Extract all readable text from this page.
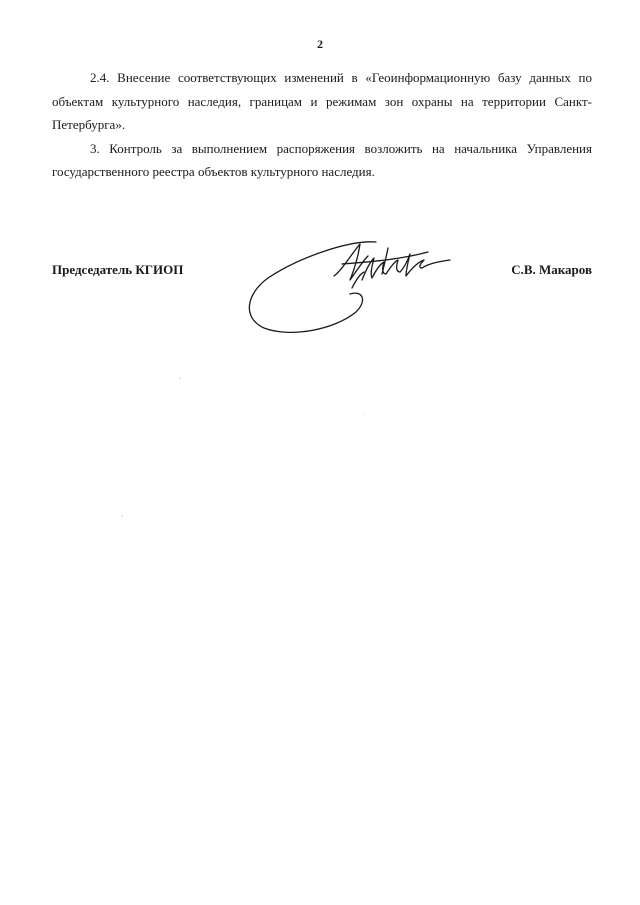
2

2.4. Внесение соответствующих изменений в «Геоинформационную базу данных по объектам культурного наследия, границам и режимам зон охраны на территории Санкт-Петербурга».

3. Контроль за выполнением распоряжения возложить на начальника Управления государственного реестра объектов культурного наследия.

Председатель КГИОП	С.В. Макаров
